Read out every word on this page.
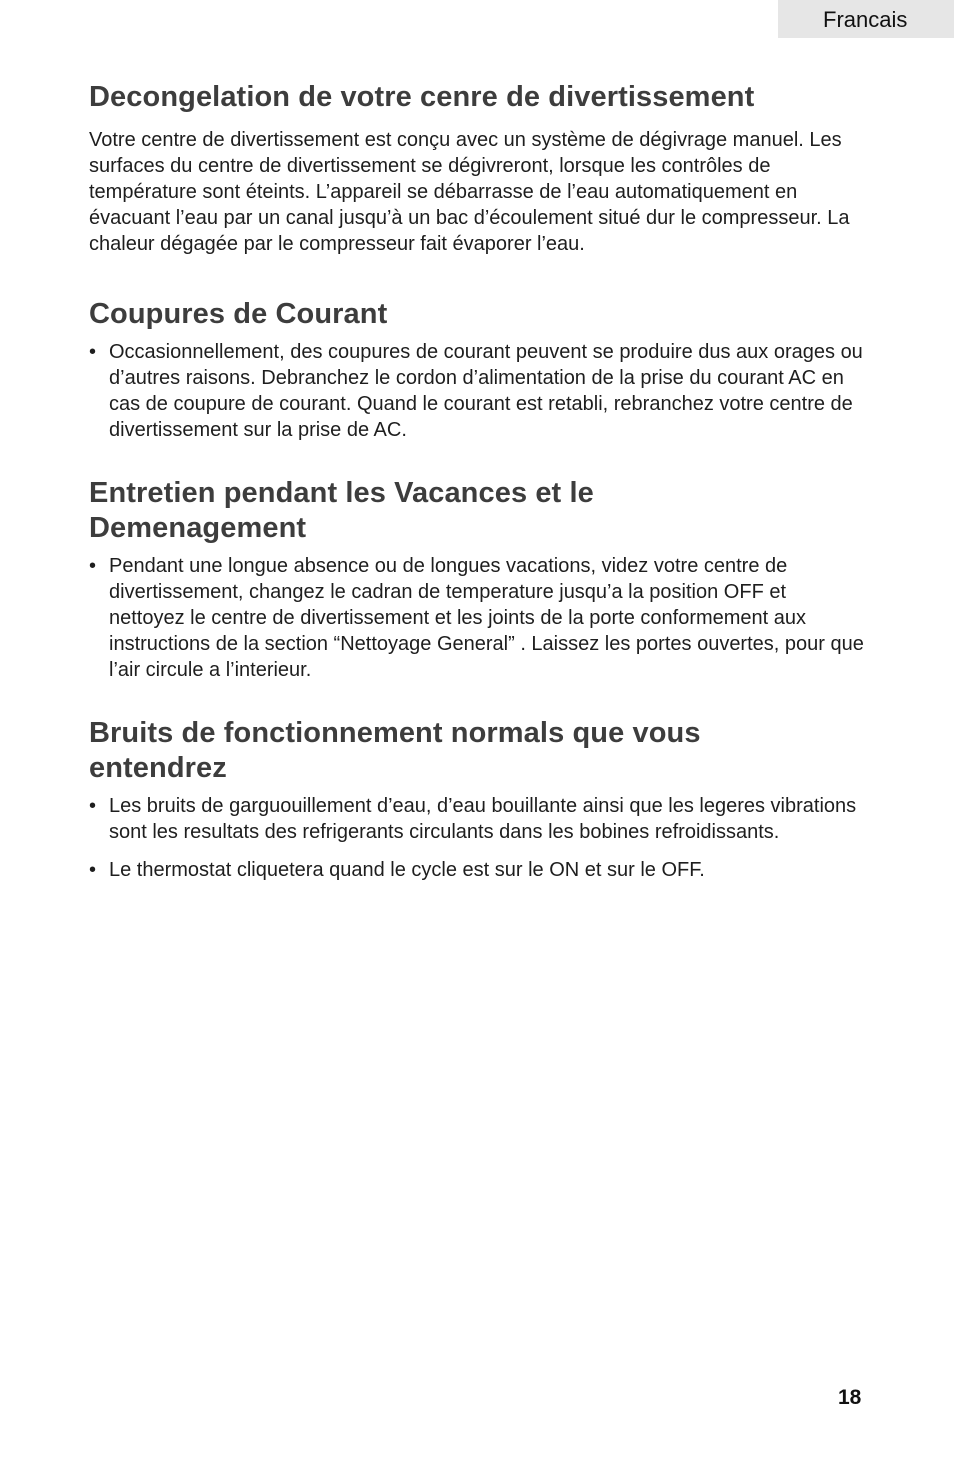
Francais
Decongelation de votre cenre de divertissement

Votre centre de divertissement est conçu avec un système de dégivrage manuel. Les surfaces du centre de divertissement se dégivreront, lorsque les contrôles de température sont éteints. L’appareil se débarrasse de l’eau automatiquement en évacuant l’eau par un canal jusqu’à un bac d’écoulement situé dur le compresseur. La chaleur dégagée par le compresseur fait évaporer l’eau.

Coupures de Courant
• Occasionnellement, des coupures de courant peuvent se produire dus aux orages ou d’autres raisons. Debranchez le cordon d’alimentation de la prise du courant AC en cas de coupure de courant. Quand le courant est retabli, rebranchez votre centre de divertissement sur la prise de AC.
Entretien pendant les Vacances et le Demenagement
• Pendant une longue absence ou de longues vacations, videz votre centre de divertissement, changez le cadran de temperature jusqu’a la position OFF et nettoyez le centre de divertissement et les joints de la porte conformement aux instructions de la section “Nettoyage General” . Laissez les portes ouvertes, pour que l’air circule a l’interieur.
Bruits de fonctionnement normals que vous entendrez
• Les bruits de garguouillement d’eau, d’eau bouillante ainsi que les legeres vibrations sont les resultats des refrigerants circulants dans les bobines refroidissants.
• Le thermostat cliquetera quand le cycle est sur le ON et sur le OFF.
18
